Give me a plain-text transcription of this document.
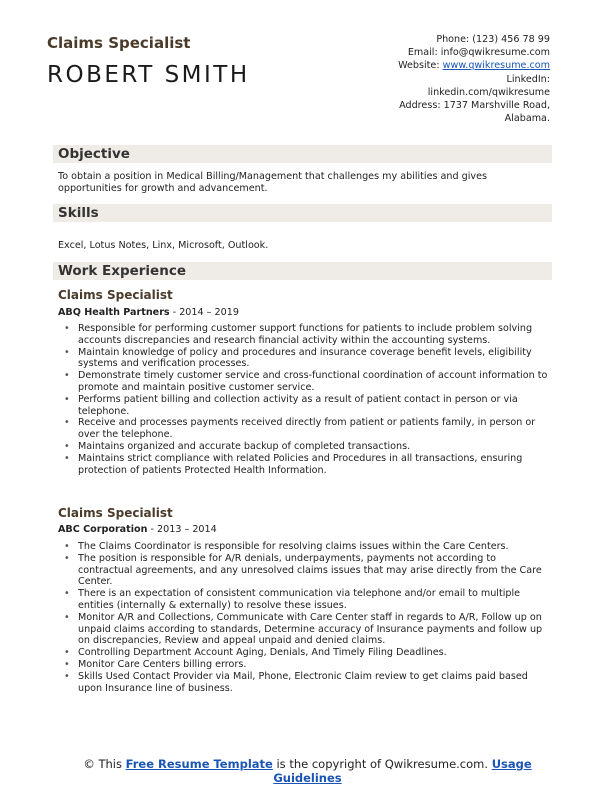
Claims Specialist
ROBERT SMITH
Phone: (123) 456 78 99
Email: info@qwikresume.com
Website: www.qwikresume.com
LinkedIn:
linkedin.com/qwikresume
Address: 1737 Marshville Road,
Alabama.
Objective
To obtain a position in Medical Billing/Management that challenges my abilities and gives opportunities for growth and advancement.
Skills
Excel, Lotus Notes, Linx, Microsoft, Outlook.
Work Experience
Claims Specialist
ABQ Health Partners - 2014 – 2019
• Responsible for performing customer support functions for patients to include problem solving accounts discrepancies and research financial activity within the accounting systems.
• Maintain knowledge of policy and procedures and insurance coverage benefit levels, eligibility systems and verification processes.
• Demonstrate timely customer service and cross-functional coordination of account information to promote and maintain positive customer service.
• Performs patient billing and collection activity as a result of patient contact in person or via telephone.
• Receive and processes payments received directly from patient or patients family, in person or over the telephone.
• Maintains organized and accurate backup of completed transactions.
• Maintains strict compliance with related Policies and Procedures in all transactions, ensuring protection of patients Protected Health Information.
Claims Specialist
ABC Corporation - 2013 – 2014
• The Claims Coordinator is responsible for resolving claims issues within the Care Centers.
• The position is responsible for A/R denials, underpayments, payments not according to contractual agreements, and any unresolved claims issues that may arise directly from the Care Center.
• There is an expectation of consistent communication via telephone and/or email to multiple entities (internally & externally) to resolve these issues.
• Monitor A/R and Collections, Communicate with Care Center staff in regards to A/R, Follow up on unpaid claims according to standards, Determine accuracy of Insurance payments and follow up on discrepancies, Review and appeal unpaid and denied claims.
• Controlling Department Account Aging, Denials, And Timely Filing Deadlines.
• Monitor Care Centers billing errors.
• Skills Used Contact Provider via Mail, Phone, Electronic Claim review to get claims paid based upon Insurance line of business.
© This Free Resume Template is the copyright of Qwikresume.com. Usage Guidelines
